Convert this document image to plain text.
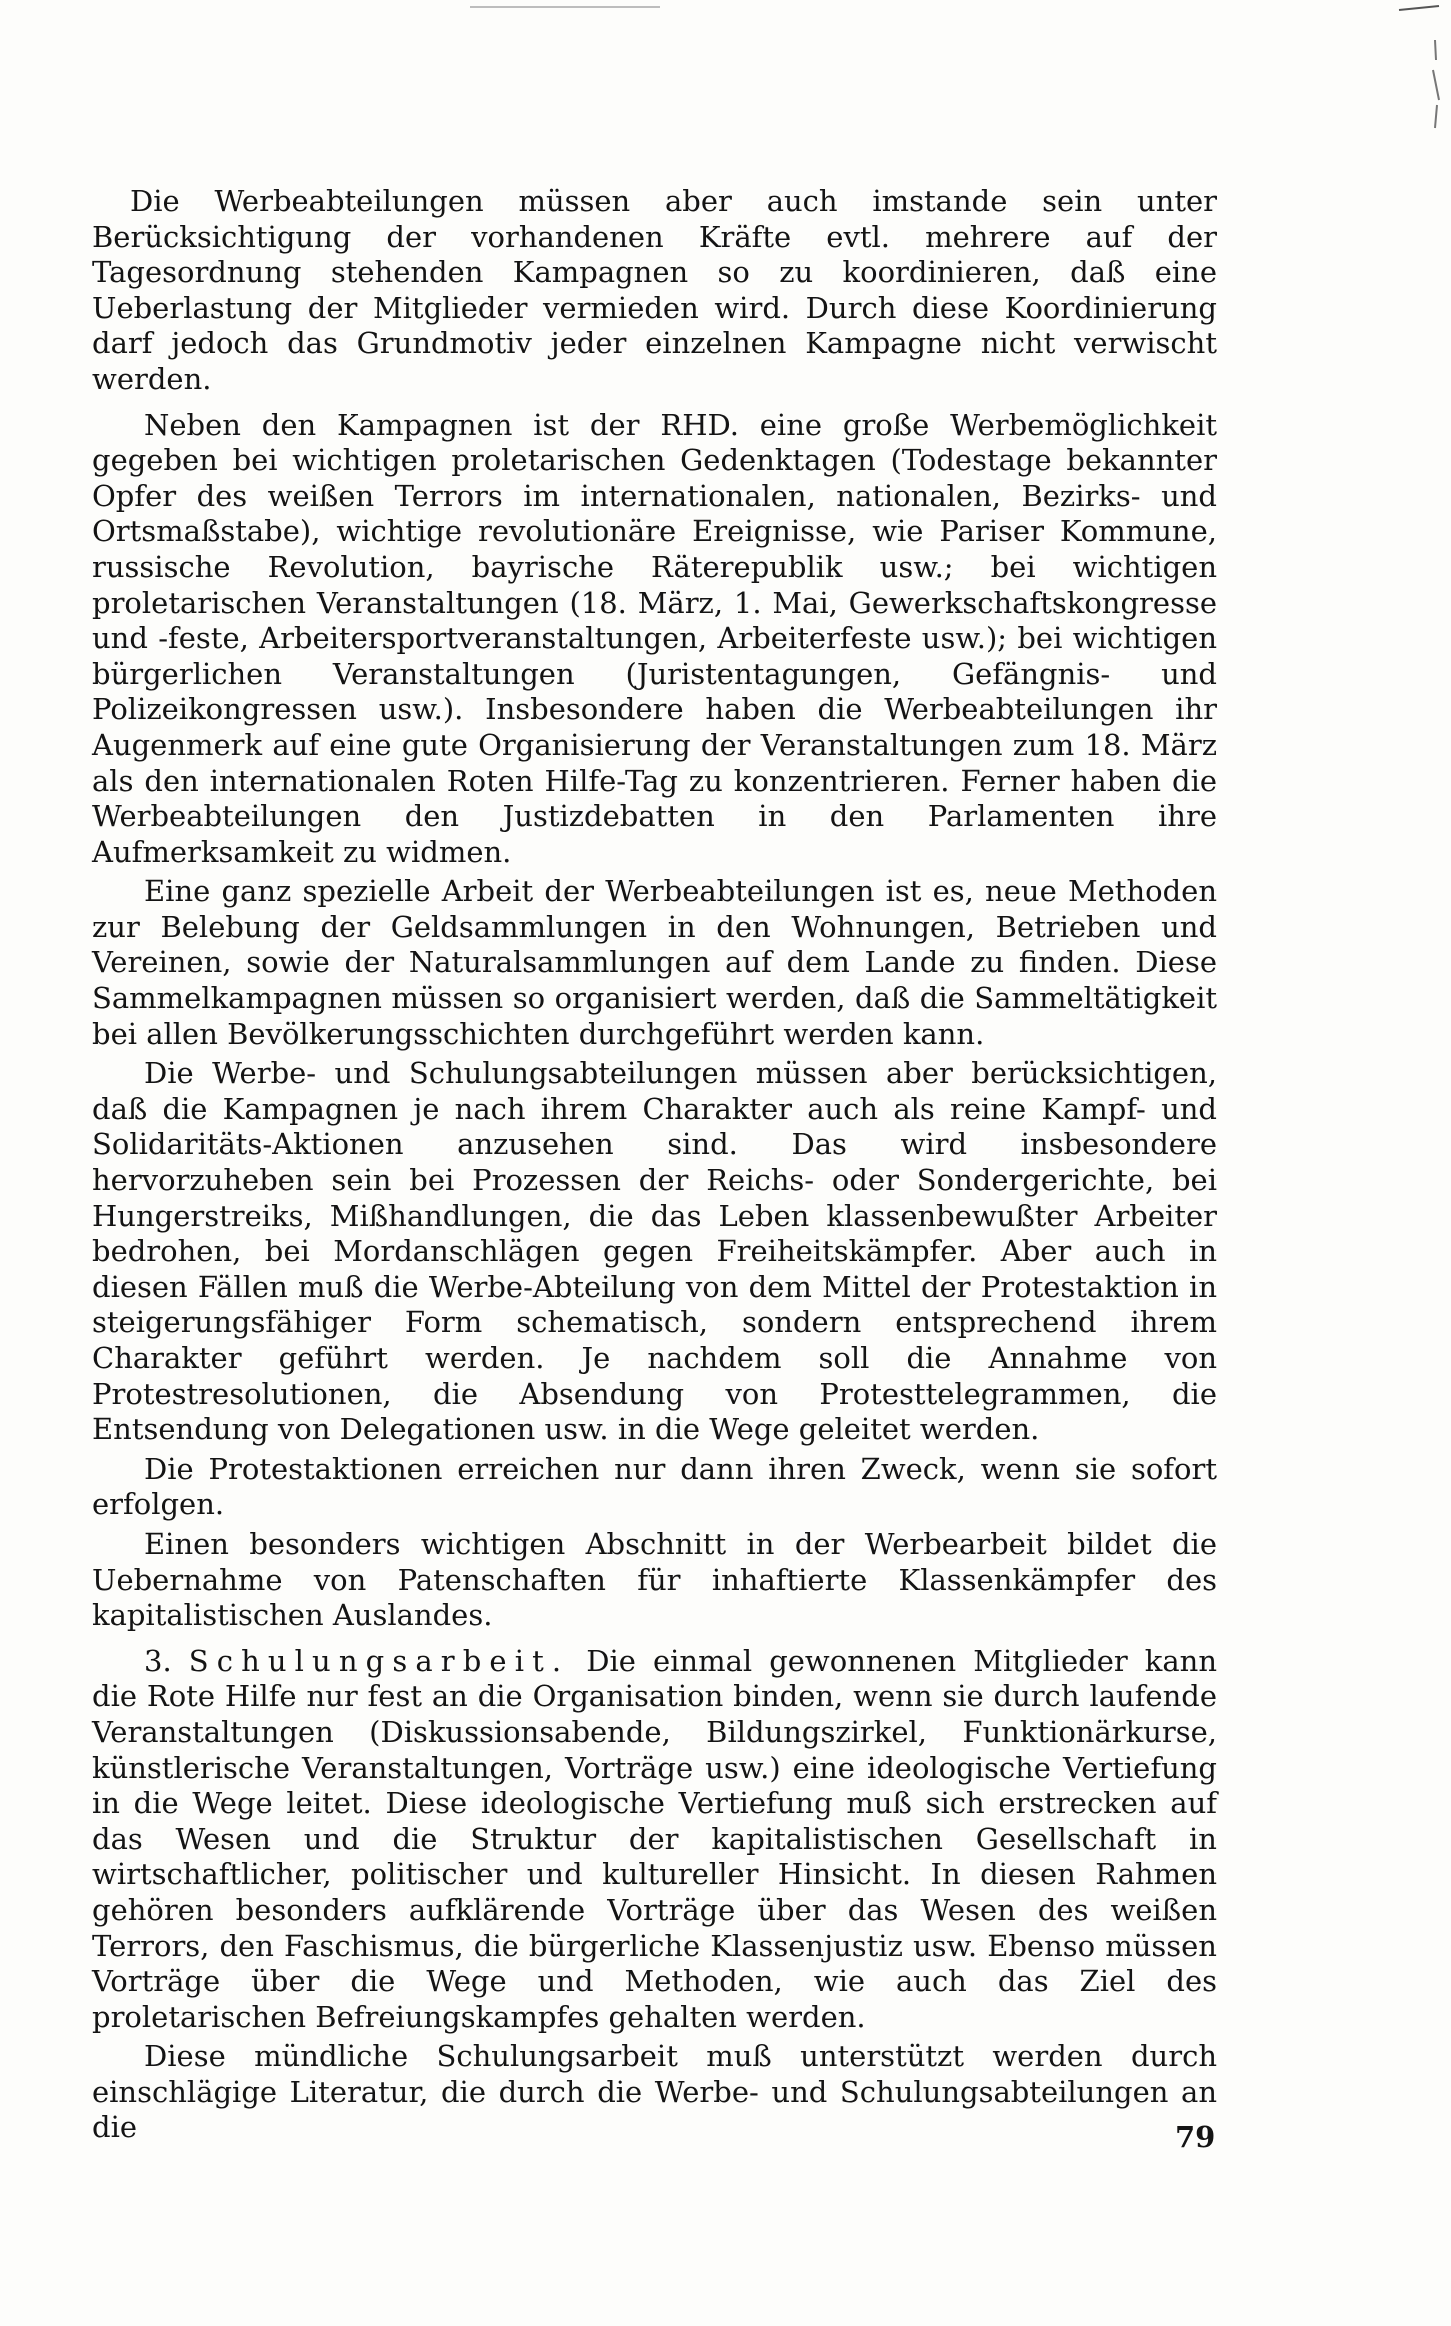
Die Werbeabteilungen müssen aber auch imstande sein unter Berücksichtigung der vorhandenen Kräfte evtl. mehrere auf der Tagesordnung stehenden Kampagnen so zu koordinieren, daß eine Ueberlastung der Mitglieder vermieden wird. Durch diese Koordinierung darf jedoch das Grundmotiv jeder einzelnen Kampagne nicht verwischt werden.

Neben den Kampagnen ist der RHD. eine große Werbemöglichkeit gegeben bei wichtigen proletarischen Gedenktagen (Todestage bekannter Opfer des weißen Terrors im internationalen, nationalen, Bezirks- und Ortsmaßstabe), wichtige revolutionäre Ereignisse, wie Pariser Kommune, russische Revolution, bayrische Räterepublik usw.; bei wichtigen proletarischen Veranstaltungen (18. März, 1. Mai, Gewerkschaftskongresse und -feste, Arbeitersportveranstaltungen, Arbeiterfeste usw.); bei wichtigen bürgerlichen Veranstaltungen (Juristentagungen, Gefängnis- und Polizeikongressen usw.). Insbesondere haben die Werbeabteilungen ihr Augenmerk auf eine gute Organisierung der Veranstaltungen zum 18. März als den internationalen Roten Hilfe-Tag zu konzentrieren. Ferner haben die Werbeabteilungen den Justizdebatten in den Parlamenten ihre Aufmerksamkeit zu widmen.

Eine ganz spezielle Arbeit der Werbeabteilungen ist es, neue Methoden zur Belebung der Geldsammlungen in den Wohnungen, Betrieben und Vereinen, sowie der Naturalsammlungen auf dem Lande zu finden. Diese Sammelkampagnen müssen so organisiert werden, daß die Sammeltätigkeit bei allen Bevölkerungsschichten durchgeführt werden kann.

Die Werbe- und Schulungsabteilungen müssen aber berücksichtigen, daß die Kampagnen je nach ihrem Charakter auch als reine Kampf- und Solidaritäts-Aktionen anzusehen sind. Das wird insbesondere hervorzuheben sein bei Prozessen der Reichs- oder Sondergerichte, bei Hungerstreiks, Mißhandlungen, die das Leben klassenbewußter Arbeiter bedrohen, bei Mordanschlägen gegen Freiheitskämpfer. Aber auch in diesen Fällen muß die Werbe-Abteilung von dem Mittel der Protestaktion in steigerungsfähiger Form schematisch, sondern entsprechend ihrem Charakter geführt werden. Je nachdem soll die Annahme von Protestresolutionen, die Absendung von Protesttelegrammen, die Entsendung von Delegationen usw. in die Wege geleitet werden.

Die Protestaktionen erreichen nur dann ihren Zweck, wenn sie sofort erfolgen.

Einen besonders wichtigen Abschnitt in der Werbearbeit bildet die Uebernahme von Patenschaften für inhaftierte Klassenkämpfer des kapitalistischen Auslandes.

3. Schulungsarbeit. Die einmal gewonnenen Mitglieder kann die Rote Hilfe nur fest an die Organisation binden, wenn sie durch laufende Veranstaltungen (Diskussionsabende, Bildungszirkel, Funktionärkurse, künstlerische Veranstaltungen, Vorträge usw.) eine ideologische Vertiefung in die Wege leitet. Diese ideologische Vertiefung muß sich erstrecken auf das Wesen und die Struktur der kapitalistischen Gesellschaft in wirtschaftlicher, politischer und kultureller Hinsicht. In diesen Rahmen gehören besonders aufklärende Vorträge über das Wesen des weißen Terrors, den Faschismus, die bürgerliche Klassenjustiz usw. Ebenso müssen Vorträge über die Wege und Methoden, wie auch das Ziel des proletarischen Befreiungskampfes gehalten werden.

Diese mündliche Schulungsarbeit muß unterstützt werden durch einschlägige Literatur, die durch die Werbe- und Schulungsabteilungen an die	79
